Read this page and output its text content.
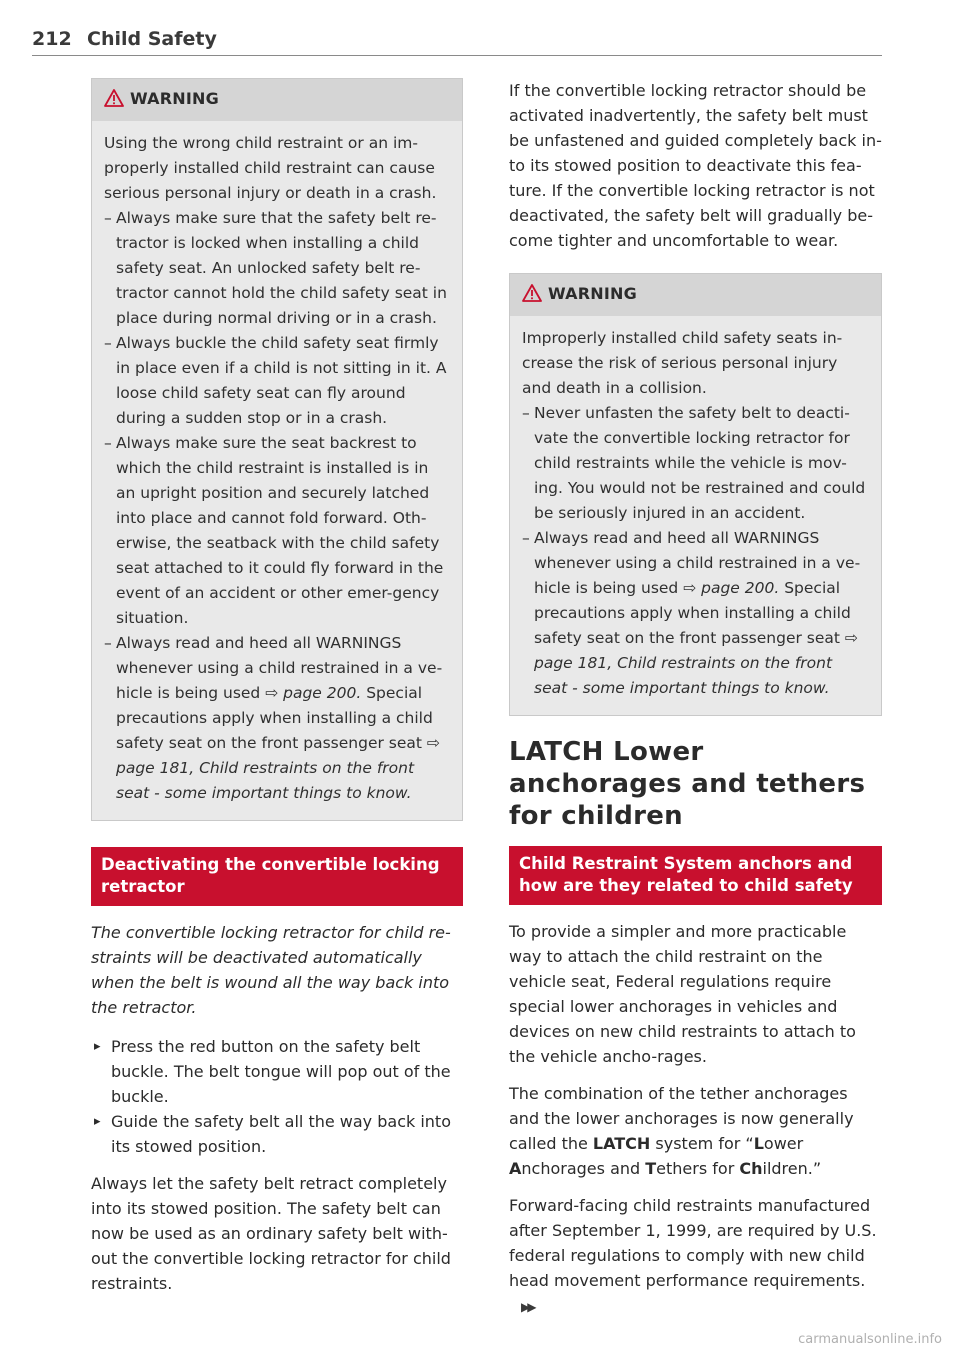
212 Child Safety
WARNING

Using the wrong child restraint or an im-properly installed child restraint can cause serious personal injury or death in a crash.

– Always make sure that the safety belt re-tractor is locked when installing a child safety seat. An unlocked safety belt re-tractor cannot hold the child safety seat in place during normal driving or in a crash.
– Always buckle the child safety seat firmly in place even if a child is not sitting in it. A loose child safety seat can fly around during a sudden stop or in a crash.
– Always make sure the seat backrest to which the child restraint is installed is in an upright position and securely latched into place and cannot fold forward. Oth-erwise, the seatback with the child safety seat attached to it could fly forward in the event of an accident or other emer-gency situation.
– Always read and heed all WARNINGS whenever using a child restrained in a ve-hicle is being used ⇨ page 200. Special precautions apply when installing a child safety seat on the front passenger seat ⇨ page 181, Child restraints on the front seat - some important things to know.
Deactivating the convertible locking retractor

The convertible locking retractor for child re-straints will be deactivated automatically when the belt is wound all the way back into the retractor.

▸ Press the red button on the safety belt buckle. The belt tongue will pop out of the buckle.
▸ Guide the safety belt all the way back into its stowed position.

Always let the safety belt retract completely into its stowed position. The safety belt can now be used as an ordinary safety belt with-out the convertible locking retractor for child restraints.

If the convertible locking retractor should be activated inadvertently, the safety belt must be unfastened and guided completely back in-to its stowed position to deactivate this fea-ture. If the convertible locking retractor is not deactivated, the safety belt will gradually be-come tighter and uncomfortable to wear.

WARNING

Improperly installed child safety seats in-crease the risk of serious personal injury and death in a collision.

– Never unfasten the safety belt to deacti-vate the convertible locking retractor for child restraints while the vehicle is mov-ing. You would not be restrained and could be seriously injured in an accident.
– Always read and heed all WARNINGS whenever using a child restrained in a ve-hicle is being used ⇨ page 200. Special precautions apply when installing a child safety seat on the front passenger seat ⇨ page 181, Child restraints on the front seat - some important things to know.
LATCH Lower anchorages and tethers for children
Child Restraint System anchors and how are they related to child safety

To provide a simpler and more practicable way to attach the child restraint on the vehicle seat, Federal regulations require special lower anchorages in vehicles and devices on new child restraints to attach to the vehicle ancho-rages.

The combination of the tether anchorages and the lower anchorages is now generally called the LATCH system for “Lower Anchorages and Tethers for Children.”

Forward-facing child restraints manufactured after September 1, 1999, are required by U.S. federal regulations to comply with new child head movement performance requirements.▶▶

carmanualsonline.info
